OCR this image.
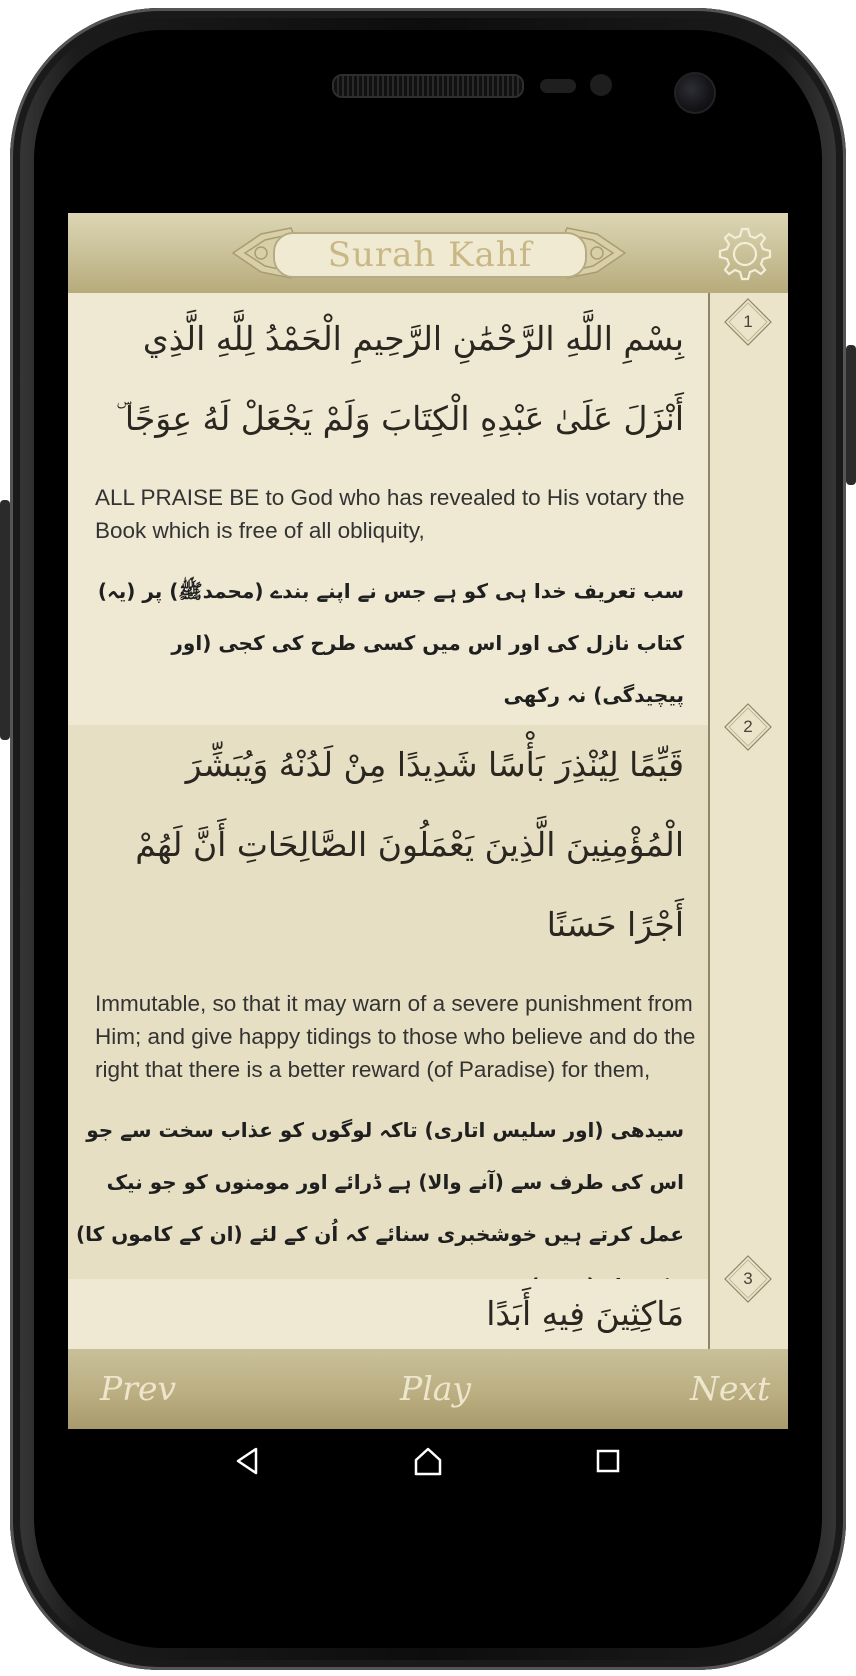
Surah Kahf
بِسْمِ اللَّهِ الرَّحْمَٰنِ الرَّحِيمِ الْحَمْدُ لِلَّهِ الَّذِي أَنْزَلَ عَلَىٰ عَبْدِهِ الْكِتَابَ وَلَمْ يَجْعَلْ لَهُ عِوَجًا ۜ
ALL PRAISE BE to God who has revealed to His votary the Book which is free of all obliquity,
سب تعریف خدا ہی کو ہے جس نے اپنے بندے (محمدﷺ) پر (یہ) کتاب نازل کی اور اس میں کسی طرح کی کجی (اور پیچیدگی) نہ رکھی
قَيِّمًا لِيُنْذِرَ بَأْسًا شَدِيدًا مِنْ لَدُنْهُ وَيُبَشِّرَ الْمُؤْمِنِينَ الَّذِينَ يَعْمَلُونَ الصَّالِحَاتِ أَنَّ لَهُمْ أَجْرًا حَسَنًا
Immutable, so that it may warn of a severe punishment from Him; and give happy tidings to those who believe and do the right that there is a better reward (of Paradise) for them,
سیدھی (اور سلیس اتاری) تاکہ لوگوں کو عذاب سخت سے جو اس کی طرف سے (آنے والا) ہے ڈرائے اور مومنوں کو جو نیک عمل کرتے ہیں خوشخبری سنائے کہ اُن کے لئے (ان کے کاموں کا)
مَاكِثِينَ فِيهِ أَبَدًا
1
2
3
Prev	Play	Next
